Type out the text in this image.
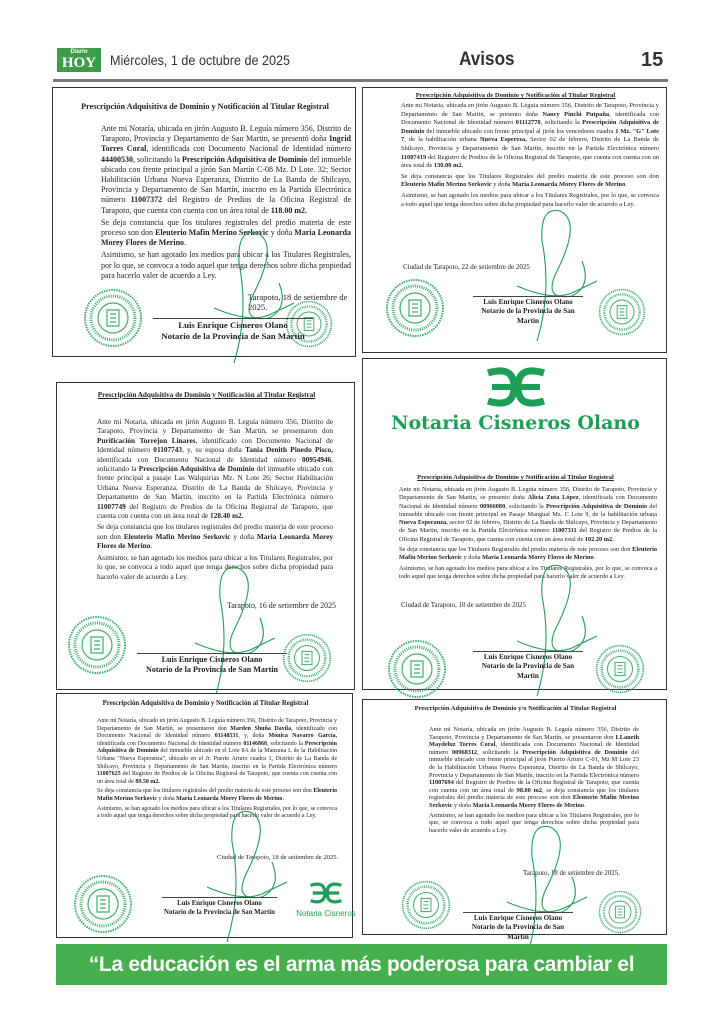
Diario
HOY Miércoles, 1 de octubre de 2025	Avisos	15
Prescripción Adquisitiva de Dominio y Notificación al Titular Registral

Ante mi Notaría, ubicada en jirón Augusto B. Leguía número 356, Distrito de Tarapoto, Provincia y Departamento de San Martin, se presentó doña Ingrid Torres Coral, identificada con Documento Nacional de Identidad número 44400530, solicitando la Prescripción Adquisitiva de Dominio del inmueble ubicado con frente principal a jirón San Martín C-08 Mz. D Lote. 32; Sector Habilitación Urbana Nueva Esperanza, Distrito de La Banda de Shilcayo, Provincia y Departamento de San Martín, inscrito en la Partida Electrónica número 11007372 del Registro de Predios de la Oficina Registral de Tarapoto, que cuenta con cuenta con un área total de 118.00 m2.

Se deja constancia que los titulares registrales del predio materia de este proceso son don Eleuterio Mafin Merino Serkovic y doña Maria Leonarda Morey Flores de Merino.

Asimismo, se han agotado los medios para ubicar a los Titulares Registrales, por lo que, se convoca a todo aquel que tenga derechos sobre dicha propiedad para hacerlo valer de acuerdo a Ley.

Tarapoto, 18 de setiembre de 2025.
Luis Enrique Cisneros Olano
Notario de la Provincia de San Martin
Prescripción Adquisitiva de Dominio y Notificación al Titular Registral

Ante mi Notaria, ubicada en jirón Augusto B. Leguia número 356, Distrito de Tarapoto, Provincia y Departamento de San Martin, se presento doña Nancy Pinchi Putpaña, identificada con Documento Nacional de Identidad número 01112778, solicitando la Prescripción Adquisitiva de Dominio del inmueble ubicado con frente principal al jirón los vencedores cuadra 1 Mz. "G" Lote 7, de la habilitación urbana Nueva Espereza, Sector 02 de febrero, Distrito de La Banda de Shilcayo, Provincia y Departamento de San Martin, inscrito en la Partida Electrónica número 11007419 del Registro de Predios de la Oficina Registral de Tarapoto, que cuenta con cuenta con un área total de 130.00 m2.

Se deja constancia que los Titulares Registrales del predio materia de este proceso son don Eleuterio Mafin Merino Serkovic y doña Maria Leonarda Morey Flores de Merino.

Asimismo, se han agotado los medios para ubicar a los Titulares Registrales, por lo que, se convoca a todo aquel que tenga derechos sobre dicha propiedad para hacerlo valer de acuerdo a Ley.

Ciudad de Tarapoto, 22 de setiembre de 2025
Luis Enrique Cisneros Olano
Notario de la Provincia de San Martin
Prescripción Adquisitiva de Dominio y Notificación al Titular Registral

Ante mi Notaria, ubicada en jirón Augusto B. Leguía número 356, Distrito de Tarapoto, Provincia y Departamento de San Martin, se presentaron don Purificación Torrejon Linares, identificado con Documento Nacional de Identidad número 01107743, y, su esposa doña Tania Denith Pinedo Pisco, identificada con Documento Nacional de Identidad número 00954946, solicitando la Prescripción Adquisitiva de Dominio del inmueble ubicado con frente principal a pasaje Las Walquirias Mz. N Lote 26; Sector Habilitación Urbana Nueva Esperanza, Distrito de La Banda de Shilcayo, Provincia y Departamento de San Martin, inscrito en la Partida Electrónica número 11007749 del Registro de Predios de la Oficina Registral de Tarapoto, que cuenta con cuenta con un área total de 128.40 m2.

Se deja constancia que los titulares registrales del predio materia de este proceso son don Eleuterio Mafin Merino Serkovic y doña Maria Leonarda Morey Flores de Merino.

Asimismo, se han agotado los medios para ubicar a los Titulares Registrales, por lo que, se convoca a todo aquel que tenga derechos sobre dicha propiedad para hacerlo valer de acuerdo a Ley.

Tarapoto, 16 de setiembre de 2025
Luis Enrique Cisneros Olano
Notario de la Provincia de San Martin
Notaria Cisneros Olano
Prescripción Adquisitiva de Dominio y Notificación al Titular Registral

Ante mi Notaria, ubicada en jirón Augusto B. Leguia número 356, Distrito de Tarapoto, Provincia y Departamento de San Martin, se presento doña Alicia Zuta López, identificada con Documento Nacional de Identidad número 00966080, solicitando la Prescripción Adquisitiva de Dominio del inmueble ubicado con frente principal en Pasaje Mangual Mz. C Lote 9, de la habilitación urbana Nueva Esperanza, sector 02 de febrero, Distrito de La Banda de Shilcayo, Provincia y Departamento de San Martin, inscrito en la Partida Electrónica número 11007311 del Registro de Predios de la Oficina Registral de Tarapoto, que cuenta con cuenta con un área total de 102.20 m2.

Se deja constancia que los Titulares Registrales del predio materia de este proceso son don Eleuterio Mafin Merino Serkovic y doña Maria Leonarda Morey Flores de Merino.

Asimismo, se han agotado los medios para ubicar a los Titulares Registrales, por lo que, se convoca a todo aquel que tenga derechos sobre dicha propiedad para hacerlo valer de acuerdo a Ley.

Ciudad de Tarapoto, 18 de setiembre de 2025
Luis Enrique Cisneros Olano
Notario de la Provincia de San Martin
Notaria Cisneros
Prescripción Adquisitiva de Dominio y Notificación al Titular Registral

Ante mi Notaría, ubicado en jirón Augusto B. Leguía número 356, Distrito de Tarapoto, Provincia y Departamento de San Martín, se presentaron don Marden Shuña Davila, identificado con Documento Nacional de Identidad número 01148531, y, doña Mónica Navarro García, identificada con Documento Nacional de Identidad número 01146868, solicitando la Prescripción Adquisitiva de Dominio del inmueble ubicado en el Lote 8A de la Manzana L de la Habilitación Urbana "Nueva Esperanza", ubicado en el Jr. Puerto Arturo cuadra 1, Distrito de La Banda de Shilcayo, Provincia y Departamento de San Martín, inscrito en la Partida Electrónica número 11007625 del Registro de Predios de la Oficina Registral de Tarapoto, que cuenta con cuenta con un área total de 89.50 m2.

Se deja constancia que los titulares registrales del predio materia de este proceso son don Eleuterio Mafin Merino Serkovic y doña Maria Leonarda Morey Flores de Merino.

Asimismo, se han agotado los medios para ubicar a los Titulares Registrales, por lo que, se convoca a todo aquel que tenga derechos sobre dicha propiedad para hacerlo valer de acuerdo a Ley.

Ciudad de Tarapoto, 18 de setiembre de 2025.
Luis Enrique Cisneros Olano
Notario de la Provincia de San Martín
Prescripción Adquisitiva de Dominio y/o Notificación al Titular Registral

Ante mi Notaría, ubicada en jirón Augusto B. Leguía número 356, Distrito de Tarapoto, Provincia y Departamento de San Martín, se presentaron don LLaneth Maydeluz Torres Coral, identificada con Documento Nacional de Identidad número 00968312, solicitando la Prescripción Adquisitiva de Dominio del inmueble ubicado con frente principal al jirón Puerto Arturo C-01, Mz M Lote 23 de la Habilitación Urbana Nueva Esperanza, Distrito de La Banda de Shilcayo, Provincia y Departamento de San Martín, inscrito en la Partida Electrónica número 11007694 del Registro de Predios de la Oficina Registral de Tarapoto, que cuenta con cuenta con un área total de 98.00 m2, se deja constancia que los titulares registrales del predio materia de este proceso son don Eleuterio Mafin Merino Serkovic y doña Maria Leonarda Morey Flores de Merino.

Asimismo, se han agotado los medios para ubicar a los Titulares Registrales, por lo que, se convoca a todo aquel que tenga derechos sobre dicha propiedad para hacerlo valer de acuerdo a Ley.

Tarapoto, 18 de setiembre de 2025.
Luis Enrique Cisneros Olano
Notario de la Provincia de San Martin
“La educación es el arma más poderosa para cambiar el mundo”
